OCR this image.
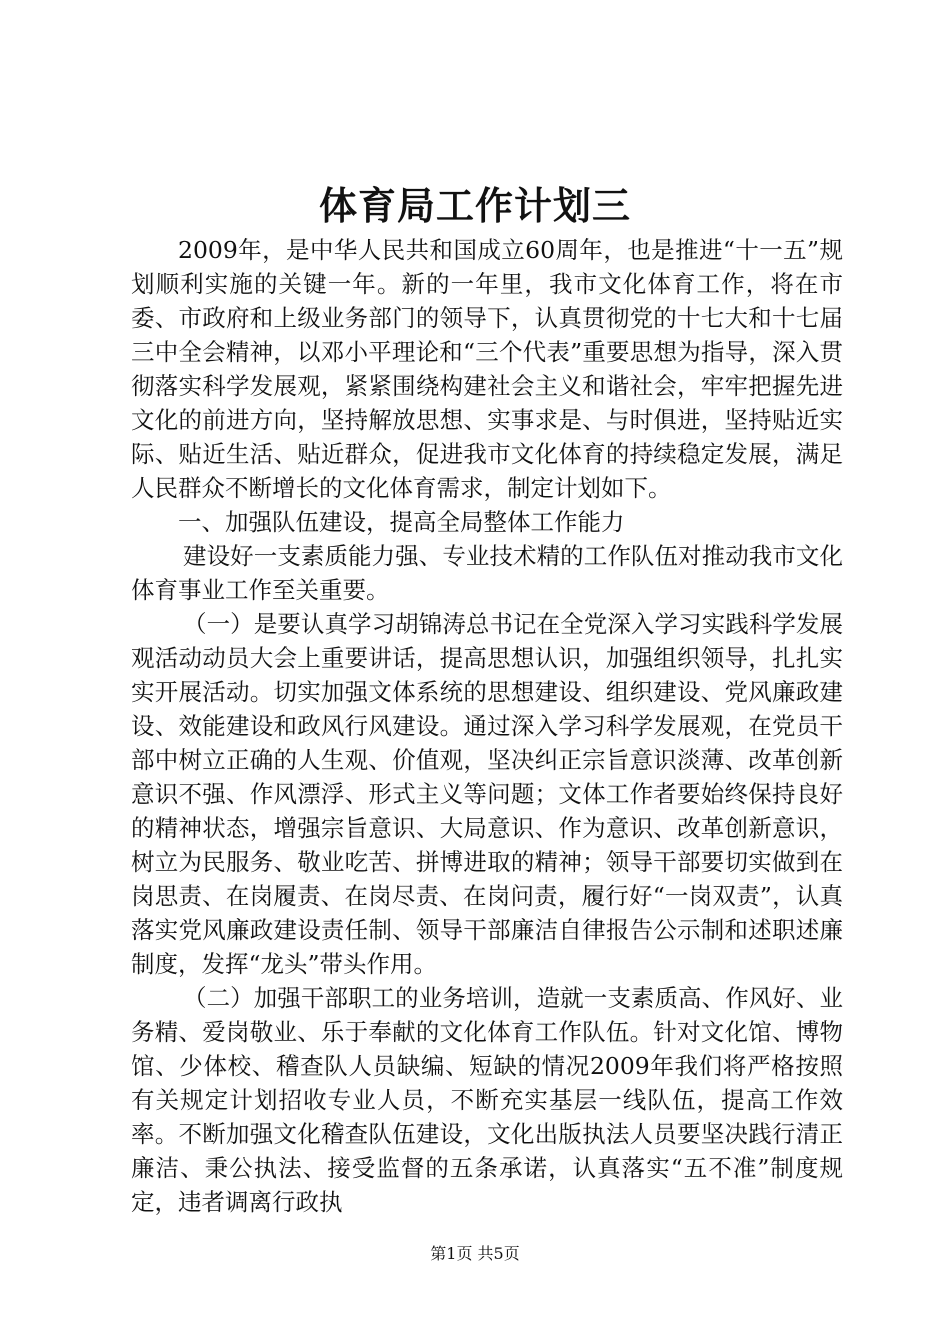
体育局工作计划三

2009年，是中华人民共和国成立60周年，也是推进“十一五”规划顺利实施的关键一年。新的一年里，我市文化体育工作，将在市委、市政府和上级业务部门的领导下，认真贯彻党的十七大和十七届三中全会精神，以邓小平理论和“三个代表”重要思想为指导，深入贯彻落实科学发展观，紧紧围绕构建社会主义和谐社会，牢牢把握先进文化的前进方向，坚持解放思想、实事求是、与时俱进，坚持贴近实际、贴近生活、贴近群众，促进我市文化体育的持续稳定发展，满足人民群众不断增长的文化体育需求，制定计划如下。

一、加强队伍建设，提高全局整体工作能力

建设好一支素质能力强、专业技术精的工作队伍对推动我市文化体育事业工作至关重要。

（一）是要认真学习胡锦涛总书记在全党深入学习实践科学发展观活动动员大会上重要讲话，提高思想认识，加强组织领导，扎扎实实开展活动。切实加强文体系统的思想建设、组织建设、党风廉政建设、效能建设和政风行风建设。通过深入学习科学发展观，在党员干部中树立正确的人生观、价值观，坚决纠正宗旨意识淡薄、改革创新意识不强、作风漂浮、形式主义等问题；文体工作者要始终保持良好的精神状态，增强宗旨意识、大局意识、作为意识、改革创新意识，树立为民服务、敬业吃苦、拼博进取的精神；领导干部要切实做到在岗思责、在岗履责、在岗尽责、在岗问责，履行好“一岗双责”，认真落实党风廉政建设责任制、领导干部廉洁自律报告公示制和述职述廉制度，发挥“龙头”带头作用。

（二）加强干部职工的业务培训，造就一支素质高、作风好、业务精、爱岗敬业、乐于奉献的文化体育工作队伍。针对文化馆、博物馆、少体校、稽查队人员缺编、短缺的情况2009年我们将严格按照有关规定计划招收专业人员，不断充实基层一线队伍，提高工作效率。不断加强文化稽查队伍建设，文化出版执法人员要坚决践行清正廉洁、秉公执法、接受监督的五条承诺，认真落实“五不准”制度规定，违者调离行政执

第1页 共5页
